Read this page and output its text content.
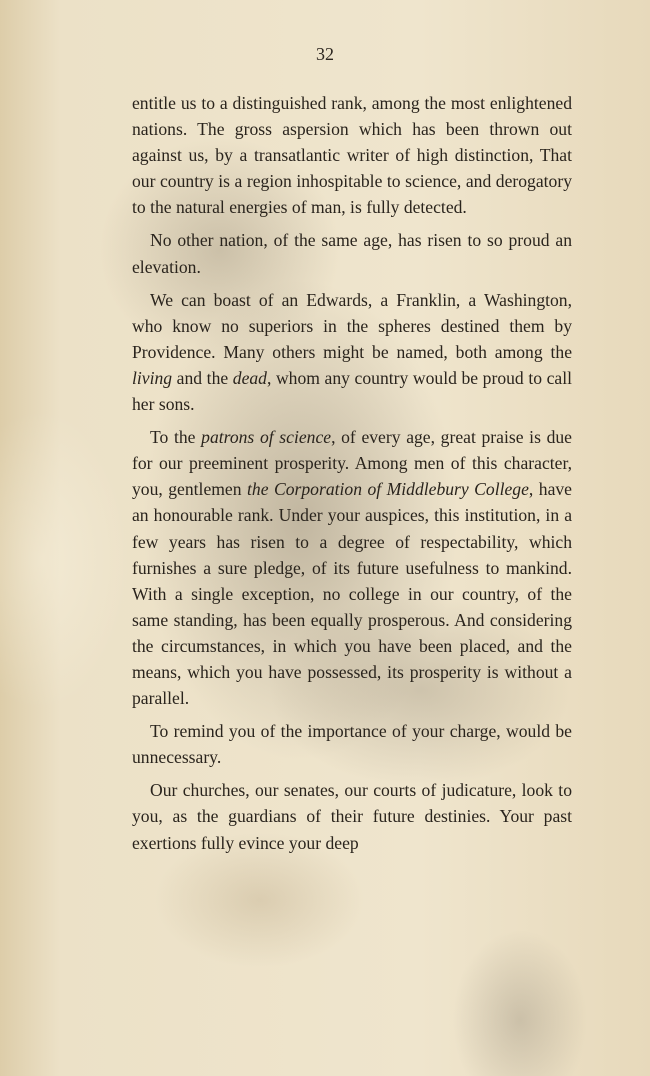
32

entitle us to a distinguished rank, among the most enlightened nations. The gross aspersion which has been thrown out against us, by a transatlantic writer of high distinction, That our country is a region inhospitable to science, and derogatory to the natural energies of man, is fully detected.

No other nation, of the same age, has risen to so proud an elevation.

We can boast of an Edwards, a Franklin, a Washington, who know no superiors in the spheres destined them by Providence. Many others might be named, both among the living and the dead, whom any country would be proud to call her sons.

To the patrons of science, of every age, great praise is due for our preeminent prosperity. Among men of this character, you, gentlemen the Corporation of Middlebury College, have an honourable rank. Under your auspices, this institution, in a few years has risen to a degree of respectability, which furnishes a sure pledge, of its future usefulness to mankind. With a single exception, no college in our country, of the same standing, has been equally prosperous. And considering the circumstances, in which you have been placed, and the means, which you have possessed, its prosperity is without a parallel.

To remind you of the importance of your charge, would be unnecessary.

Our churches, our senates, our courts of judicature, look to you, as the guardians of their future destinies. Your past exertions fully evince your deep
